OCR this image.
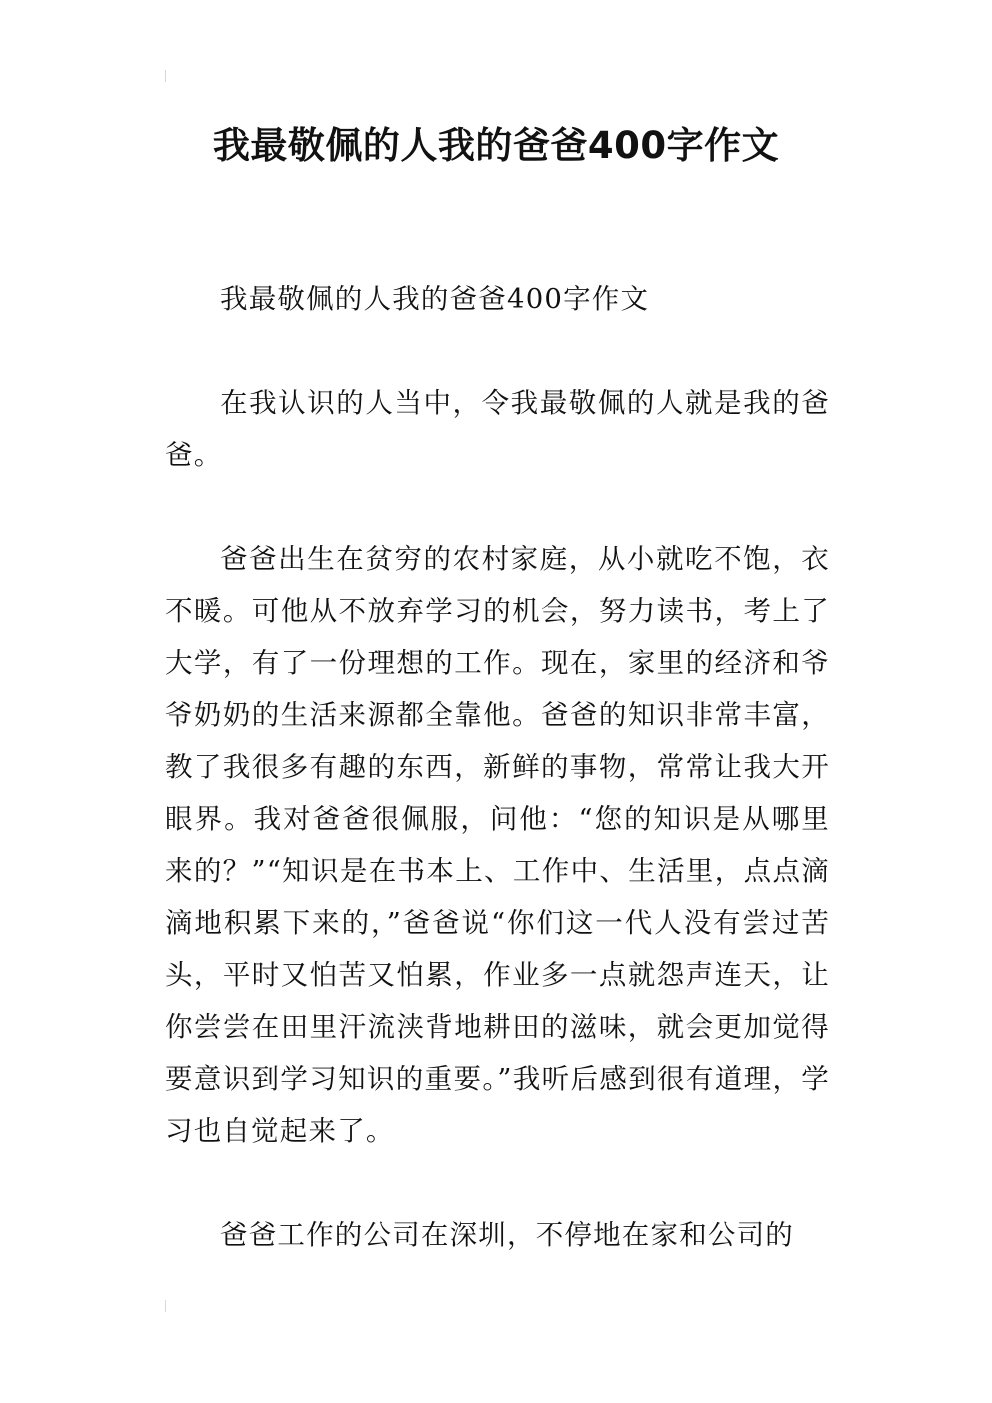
我最敬佩的人我的爸爸400字作文

我最敬佩的人我的爸爸400字作文

在我认识的人当中，令我最敬佩的人就是我的爸爸。

爸爸出生在贫穷的农村家庭，从小就吃不饱，衣不暖。可他从不放弃学习的机会，努力读书，考上了大学，有了一份理想的工作。现在，家里的经济和爷爷奶奶的生活来源都全靠他。爸爸的知识非常丰富，教了我很多有趣的东西，新鲜的事物，常常让我大开眼界。我对爸爸很佩服，问他：“您的知识是从哪里来的？”“知识是在书本上、工作中、生活里，点点滴滴地积累下来的，”爸爸说“你们这一代人没有尝过苦头，平时又怕苦又怕累，作业多一点就怨声连天，让你尝尝在田里汗流浃背地耕田的滋味，就会更加觉得要意识到学习知识的重要。”我听后感到很有道理，学习也自觉起来了。

爸爸工作的公司在深圳，不停地在家和公司的
